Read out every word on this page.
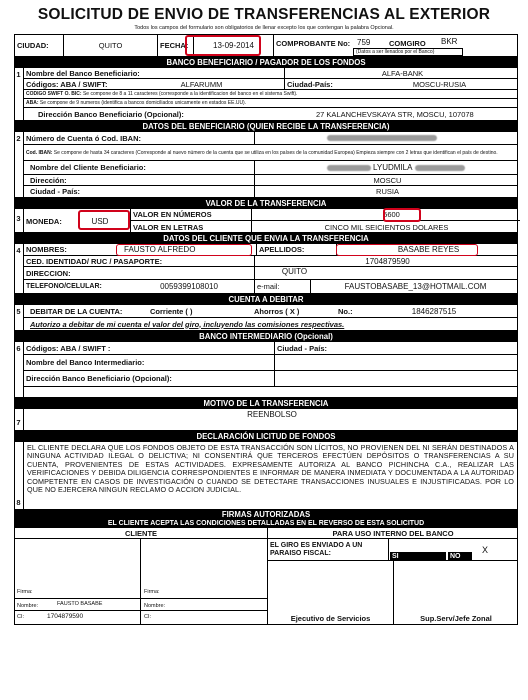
SOLICITUD DE ENVIO DE TRANSFERENCIAS AL EXTERIOR
Todos los campos del formulario son obligatorios de llenar excepto los que contengan la palabra Opcional.
CIUDAD:	QUITO	FECHA:	13-09-2014	COMPROBANTE No: 759	COMGIRO	BKR
(Datos a ser llenados por el Banco)
BANCO BENEFICIARIO / PAGADOR DE LOS FONDOS
1 Nombre del Banco Beneficiario:	ALFA-BANK
Códigos: ABA / SWIFT:	ALFARUMM	Ciudad-País:	MOSCU-RUSIA
CODIGO SWIFT O. BIC:
Se compone de 8 a 11 caracteres (corresponde a la identificacion del banco en el sistema Swift).
ABA:
Se compone de 9 numeros (identifica a bancos domiciliados unicamente en estados EE.UU).
Dirección Banco Beneficiario (Opcional):	27 KALANCHEVSKAYA STR, MOSCU, 107078
DATOS DEL BENEFICIARIO (QUIEN RECIBE LA TRANSFERENCIA)
2 Número de Cuenta ó Cod. IBAN:
Cod. IBAN: Se compone de hasta 34 caracteres (Corresponde al nuevo número de la cuenta que se utiliza en los países de la comunidad Europea) Empieza siempre con 2 letras que identifican el país de destino.
Nombre del Cliente Beneficiario:	LYUDMILA
Dirección:	MOSCU
Ciudad - País:	RUSIA
VALOR DE LA TRANSFERENCIA
3 MONEDA:	USD
VALOR EN NÚMEROS	5600
VALOR EN LETRAS	CINCO MIL SEICIENTOS DOLARES
DATOS DEL CLIENTE QUE ENVIA LA TRANSFERENCIA
4 NOMBRES:	FAUSTO ALFREDO	APELLIDOS:	BASABE REYES
CED. IDENTIDAD/ RUC / PASAPORTE:	1704879590
DIRECCION:	QUITO
TELEFONO/CELULAR:	0059399108010	e-mail:	FAUSTOBASABE_13@HOTMAIL.COM
CUENTA A DEBITAR
5 DEBITAR DE LA CUENTA:	Corriente ( )	Ahorros ( X )	No.:	1846287515
Autorizo a debitar de mi cuenta el valor del giro, incluyendo las comisiones respectivas.
BANCO INTERMEDIARIO (Opcional)
6 Códigos: ABA / SWIFT :	Ciudad - País:
Nombre del Banco Intermediario:
Dirección Banco Beneficiario (Opcional):
MOTIVO DE LA TRANSFERENCIA
7
REENBOLSO
DECLARACIÓN LICITUD DE FONDOS
8
EL CLIENTE DECLARA QUE LOS FONDOS OBJETO DE ESTA TRANSACCIÓN SON LÍCITOS, NO PROVIENEN DEL NI SERÁN DESTINADOS A NINGUNA ACTIVIDAD ILEGAL O DELICTIVA; NI CONSENTIRÁ QUE TERCEROS EFECTÚEN DEPÓSITOS O TRANSFERENCIAS A SU CUENTA, PROVENIENTES DE ESTAS ACTIVIDADES. EXPRESAMENTE AUTORIZA AL BANCO PICHINCHA C.A., REALIZAR LAS VERIFICACIONES Y DEBIDA DILIGENCIA CORRESPONDIENTES E INFORMAR DE MANERA INMEDIATA Y DOCUMENTADA A LA AUTORIDAD COMPETENTE EN CASOS DE INVESTIGACIÓN O CUANDO SE DETECTARE TRANSACCIONES INUSUALES E INJUSTIFICADAS. POR LO QUE NO EJERCERA NINGUN RECLAMO O ACCION JUDICIAL.
FIRMAS AUTORIZADAS
EL CLIENTE ACEPTA LAS CONDICIONES DETALLADAS EN EL REVERSO DE ESTA SOLICITUD
CLIENTE
Firma:	Firma:
FAUSTO BASABE
Nombre:	Nombre:
CI:	1704879590	CI:
PARA USO INTERNO DEL BANCO
EL GIRO ES ENVIADO A UN PARAISO FISCAL:	SI	NO
X
Ejecutivo de Servicios	Sup.Serv/Jefe Zonal
